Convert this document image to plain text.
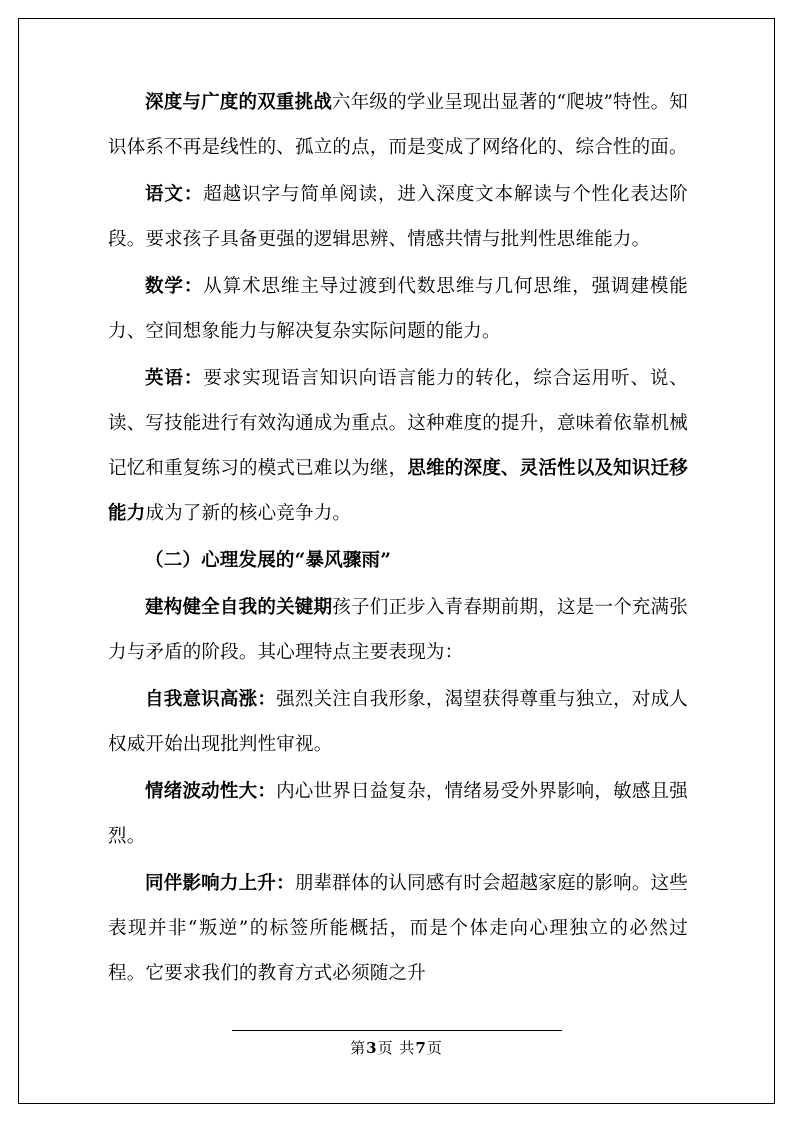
深度与广度的双重挑战六年级的学业呈现出显著的“爬坡”特性。知识体系不再是线性的、孤立的点，而是变成了网络化的、综合性的面。

语文：超越识字与简单阅读，进入深度文本解读与个性化表达阶段。要求孩子具备更强的逻辑思辨、情感共情与批判性思维能力。

数学：从算术思维主导过渡到代数思维与几何思维，强调建模能力、空间想象能力与解决复杂实际问题的能力。

英语：要求实现语言知识向语言能力的转化，综合运用听、说、读、写技能进行有效沟通成为重点。这种难度的提升，意味着依靠机械记忆和重复练习的模式已难以为继，思维的深度、灵活性以及知识迁移能力成为了新的核心竞争力。

（二）心理发展的“暴风骤雨”

建构健全自我的关键期孩子们正步入青春期前期，这是一个充满张力与矛盾的阶段。其心理特点主要表现为：

自我意识高涨：强烈关注自我形象，渴望获得尊重与独立，对成人权威开始出现批判性审视。

情绪波动性大：内心世界日益复杂，情绪易受外界影响，敏感且强烈。

同伴影响力上升：朋辈群体的认同感有时会超越家庭的影响。这些表现并非“叛逆”的标签所能概括，而是个体走向心理独立的必然过程。它要求我们的教育方式必须随之升

第3页 共7页
